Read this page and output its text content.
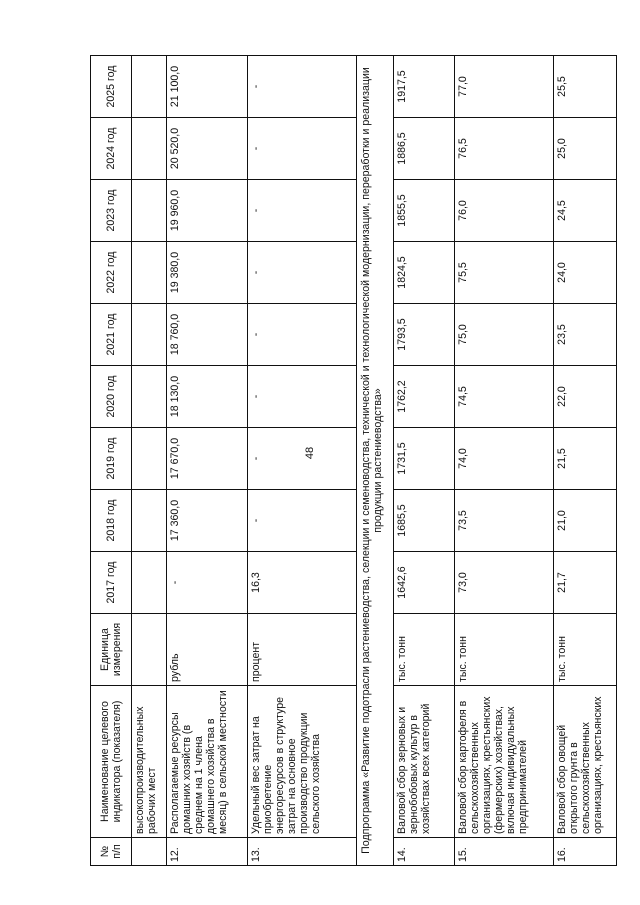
48
№ п/п	Наименование целевого индикатора (показателя)	Единица измерения	2017 год	2018 год	2019 год	2020 год	2021 год	2022 год	2023 год	2024 год	2025 год
	высокопроизводительных рабочих мест										
12.	Располагаемые ресурсы домашних хозяйств (в среднем на 1 члена домашнего хозяйства в месяц) в сельской местности	рубль	-	17 360,0	17 670,0	18 130,0	18 760,0	19 380,0	19 960,0	20 520,0	21 100,0
13.	Удельный вес затрат на приобретение энергоресурсов в структуре затрат на основное производство продукции сельского хозяйства	процент	16,3	-	-	-	-	-	-	-	-
Подпрограмма «Развитие подотрасли растениеводства, селекции и семеноводства, технической и технологической модернизации, переработки и реализации продукции растениеводства»											
14.	Валовой сбор зерновых и зернобобовых культур в хозяйствах всех категорий	тыс. тонн	1642,6	1685,5	1731,5	1762,2	1793,5	1824,5	1855,5	1886,5	1917,5
15.	Валовой сбор картофеля в сельскохозяйственных организациях, крестьянских (фермерских) хозяйствах, включая индивидуальных предпринимателей	тыс. тонн	73,0	73,5	74,0	74,5	75,0	75,5	76,0	76,5	77,0
16.	Валовой сбор овощей открытого грунта в сельскохозяйственных организациях, крестьянских	тыс. тонн	21,7	21,0	21,5	22,0	23,5	24,0	24,5	25,0	25,5
